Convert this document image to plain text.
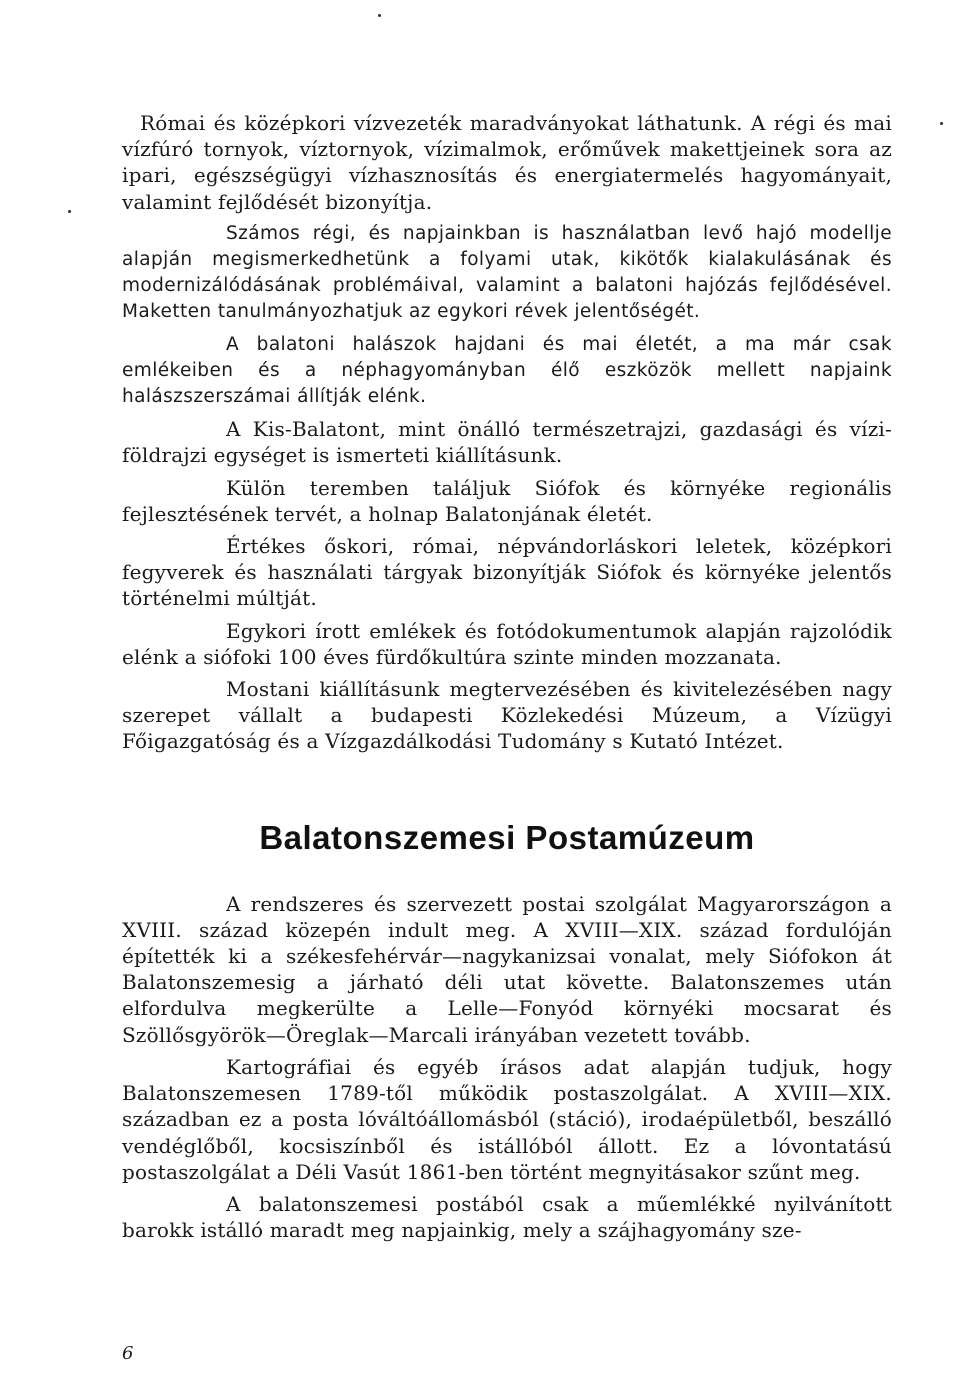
Római és középkori vízvezeték maradványokat láthatunk. A régi és mai vízfúró tornyok, víztornyok, vízimalmok, erőművek makettjeinek sora az ipari, egészségügyi vízhasznosítás és energiatermelés hagyományait, valamint fejlődését bizonyítja.

Számos régi, és napjainkban is használatban levő hajó modellje alapján megismerkedhetünk a folyami utak, kikötők kialakulásának és modernizálódásának problémáival, valamint a balatoni hajózás fejlődésével. Maketten tanulmányozhatjuk az egykori révek jelentőségét.

A balatoni halászok hajdani és mai életét, a ma már csak emlékeiben és a néphagyományban élő eszközök mellett napjaink halászszerszámai állítják elénk.

A Kis-Balatont, mint önálló természetrajzi, gazdasági és vízi-földrajzi egységet is ismerteti kiállításunk.

Külön teremben találjuk Siófok és környéke regionális fejlesztésének tervét, a holnap Balatonjának életét.

Értékes őskori, római, népvándorláskori leletek, középkori fegyverek és használati tárgyak bizonyítják Siófok és környéke jelentős történelmi múltját.

Egykori írott emlékek és fotódokumentumok alapján rajzolódik elénk a siófoki 100 éves fürdőkultúra szinte minden mozzanata.

Mostani kiállításunk megtervezésében és kivitelezésében nagy szerepet vállalt a budapesti Közlekedési Múzeum, a Vízügyi Főigazgatóság és a Vízgazdálkodási Tudomány s Kutató Intézet.

Balatonszemesi Postamúzeum

A rendszeres és szervezett postai szolgálat Magyarországon a XVIII. század közepén indult meg. A XVIII—XIX. század fordulóján építették ki a székesfehérvár—nagykanizsai vonalat, mely Siófokon át Balatonszemesig a járható déli utat követte. Balatonszemes után elfordulva megkerülte a Lelle—Fonyód környéki mocsarat és Szöllősgyörök—Öreglak—Marcali irányában vezetett tovább.

Kartográfiai és egyéb írásos adat alapján tudjuk, hogy Balatonszemesen 1789-től működik postaszolgálat. A XVIII—XIX. században ez a posta lóváltóállomásból (stáció), irodaépületből, beszálló vendéglőből, kocsiszínből és istállóból állott. Ez a lóvontatású postaszolgálat a Déli Vasút 1861-ben történt megnyitásakor szűnt meg.

A balatonszemesi postából csak a műemlékké nyilvánított barokk istálló maradt meg napjainkig, mely a szájhagyomány sze-

6
